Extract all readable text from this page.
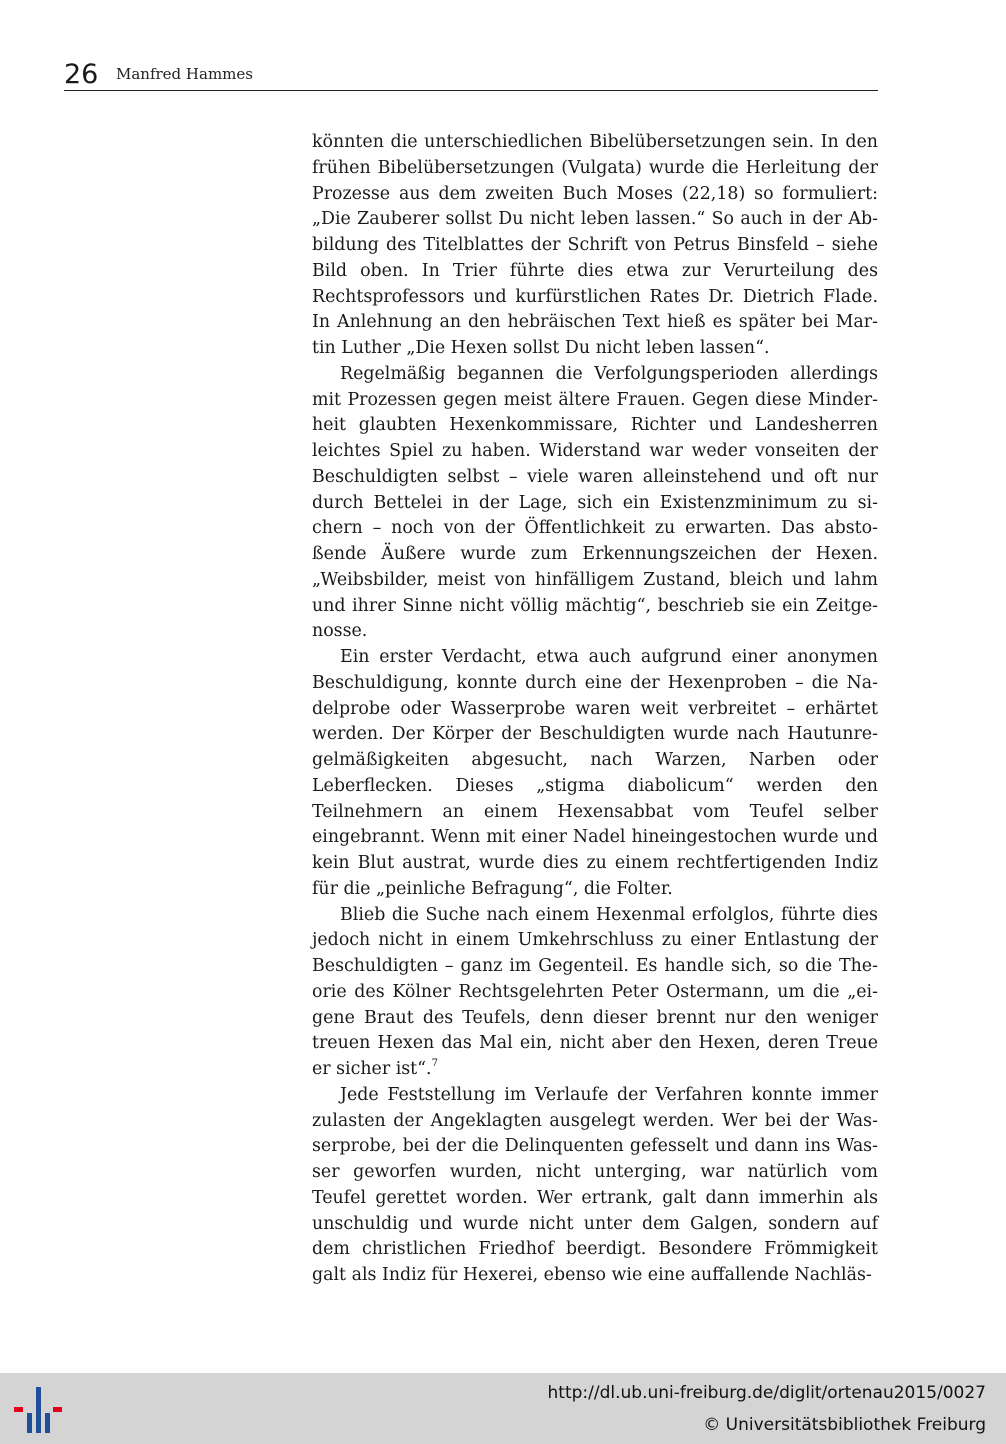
26 Manfred Hammes

könnten die unterschiedlichen Bibelübersetzungen sein. In den frühen Bibelübersetzungen (Vulgata) wurde die Herleitung der Prozesse aus dem zweiten Buch Moses (22,18) so formuliert: „Die Zauberer sollst Du nicht leben lassen.“ So auch in der Abbildung des Titelblattes der Schrift von Petrus Binsfeld – siehe Bild oben. In Trier führte dies etwa zur Verurteilung des Rechtsprofessors und kurfürstlichen Rates Dr. Dietrich Flade. In Anlehnung an den hebräischen Text hieß es später bei Martin Luther „Die Hexen sollst Du nicht leben lassen“.

Regelmäßig begannen die Verfolgungsperioden allerdings mit Prozessen gegen meist ältere Frauen. Gegen diese Minderheit glaubten Hexenkommissare, Richter und Landesherren leichtes Spiel zu haben. Widerstand war weder vonseiten der Beschuldigten selbst – viele waren alleinstehend und oft nur durch Bettelei in der Lage, sich ein Existenzminimum zu sichern – noch von der Öffentlichkeit zu erwarten. Das abstoßende Äußere wurde zum Erkennungszeichen der Hexen. „Weibsbilder, meist von hinfälligem Zustand, bleich und lahm und ihrer Sinne nicht völlig mächtig“, beschrieb sie ein Zeitgenosse.

Ein erster Verdacht, etwa auch aufgrund einer anonymen Beschuldigung, konnte durch eine der Hexenproben – die Nadelprobe oder Wasserprobe waren weit verbreitet – erhärtet werden. Der Körper der Beschuldigten wurde nach Hautunregelmäßigkeiten abgesucht, nach Warzen, Narben oder Leberflecken. Dieses „stigma diabolicum“ werden den Teilnehmern an einem Hexensabbat vom Teufel selber eingebrannt. Wenn mit einer Nadel hineingestochen wurde und kein Blut austrat, wurde dies zu einem rechtfertigenden Indiz für die „peinliche Befragung“, die Folter.

Blieb die Suche nach einem Hexenmal erfolglos, führte dies jedoch nicht in einem Umkehrschluss zu einer Entlastung der Beschuldigten – ganz im Gegenteil. Es handle sich, so die Theorie des Kölner Rechtsgelehrten Peter Ostermann, um die „eigene Braut des Teufels, denn dieser brennt nur den weniger treuen Hexen das Mal ein, nicht aber den Hexen, deren Treue er sicher ist“.$^7$

Jede Feststellung im Verlaufe der Verfahren konnte immer zulasten der Angeklagten ausgelegt werden. Wer bei der Wasserprobe, bei der die Delinquenten gefesselt und dann ins Wasser geworfen wurden, nicht unterging, war natürlich vom Teufel gerettet worden. Wer ertrank, galt dann immerhin als unschuldig und wurde nicht unter dem Galgen, sondern auf dem christlichen Friedhof beerdigt. Besondere Frömmigkeit galt als Indiz für Hexerei, ebenso wie eine auffallende Nachläs-

http://dl.ub.uni-freiburg.de/diglit/ortenau2015/0027
© Universitätsbibliothek Freiburg
